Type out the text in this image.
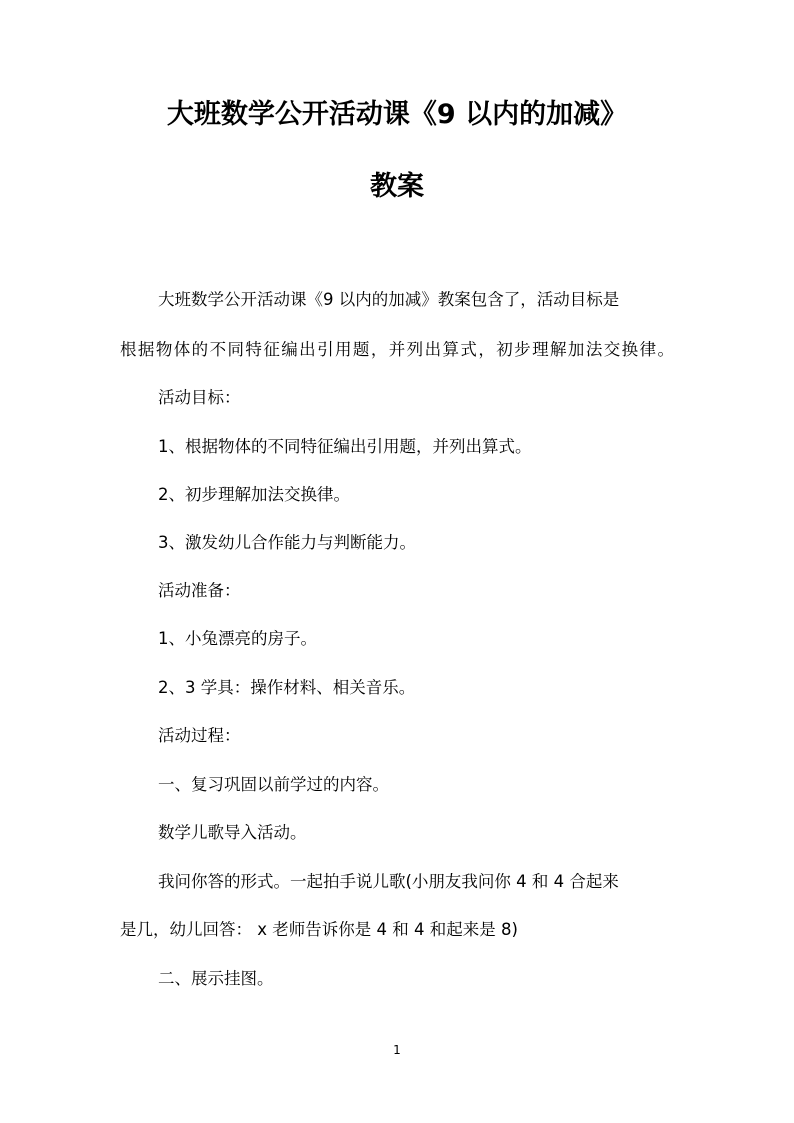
大班数学公开活动课《9 以内的加减》
教案

大班数学公开活动课《9 以内的加减》教案包含了，活动目标是

根据物体的不同特征编出引用题，并列出算式，初步理解加法交换律。

活动目标：

1、根据物体的不同特征编出引用题，并列出算式。

2、初步理解加法交换律。

3、激发幼儿合作能力与判断能力。

活动准备：

1、小兔漂亮的房子。

2、3 学具：操作材料、相关音乐。

活动过程：

一、复习巩固以前学过的内容。

数学儿歌导入活动。

我问你答的形式。一起拍手说儿歌(小朋友我问你 4 和 4 合起来

是几，幼儿回答： x 老师告诉你是 4 和 4 和起来是 8)

二、展示挂图。

1
